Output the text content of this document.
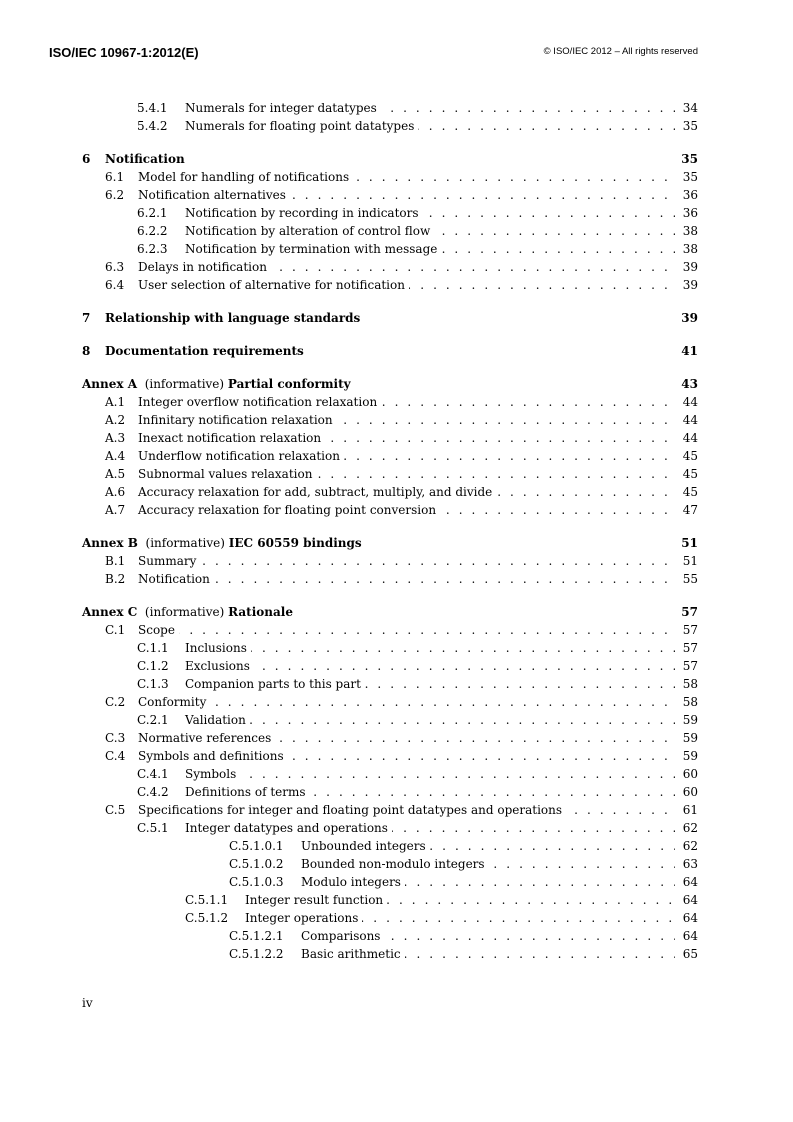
ISO/IEC 10967-1:2012(E)	© ISO/IEC 2012 – All rights reserved
5.4.1 Numerals for integer datatypes . . .	34
5.4.2 Numerals for floating point datatypes . . .	35
6 Notification	35
6.1 Model for handling of notifications . . .	35
6.2 Notification alternatives . . .	36
6.2.1 Notification by recording in indicators . . .	36
6.2.2 Notification by alteration of control flow . . .	38
6.2.3 Notification by termination with message . . .	38
6.3 Delays in notification . . .	39
6.4 User selection of alternative for notification . . .	39
7 Relationship with language standards	39
8 Documentation requirements	41
Annex A (informative) Partial conformity	43
A.1 Integer overflow notification relaxation . . .	44
A.2 Infinitary notification relaxation . . .	44
A.3 Inexact notification relaxation . . .	44
A.4 Underflow notification relaxation . . .	45
A.5 Subnormal values relaxation . . .	45
A.6 Accuracy relaxation for add, subtract, multiply, and divide . . .	45
A.7 Accuracy relaxation for floating point conversion . . .	47
Annex B (informative) IEC 60559 bindings	51
B.1 Summary . . .	51
B.2 Notification . . .	55
Annex C (informative) Rationale	57
C.1 Scope . . .	57
C.1.1 Inclusions . . .	57
C.1.2 Exclusions . . .	57
C.1.3 Companion parts to this part . . .	58
C.2 Conformity . . .	58
C.2.1 Validation . . .	59
C.3 Normative references . . .	59
C.4 Symbols and definitions . . .	59
C.4.1 Symbols . . .	60
C.4.2 Definitions of terms . . .	60
C.5 Specifications for integer and floating point datatypes and operations . . .	61
C.5.1 Integer datatypes and operations . . .	62
C.5.1.0.1 Unbounded integers . . .	62
C.5.1.0.2 Bounded non-modulo integers . . .	63
C.5.1.0.3 Modulo integers . . .	64
C.5.1.1 Integer result function . . .	64
C.5.1.2 Integer operations . . .	64
C.5.1.2.1 Comparisons . . .	64
C.5.1.2.2 Basic arithmetic . . .	65
iv
